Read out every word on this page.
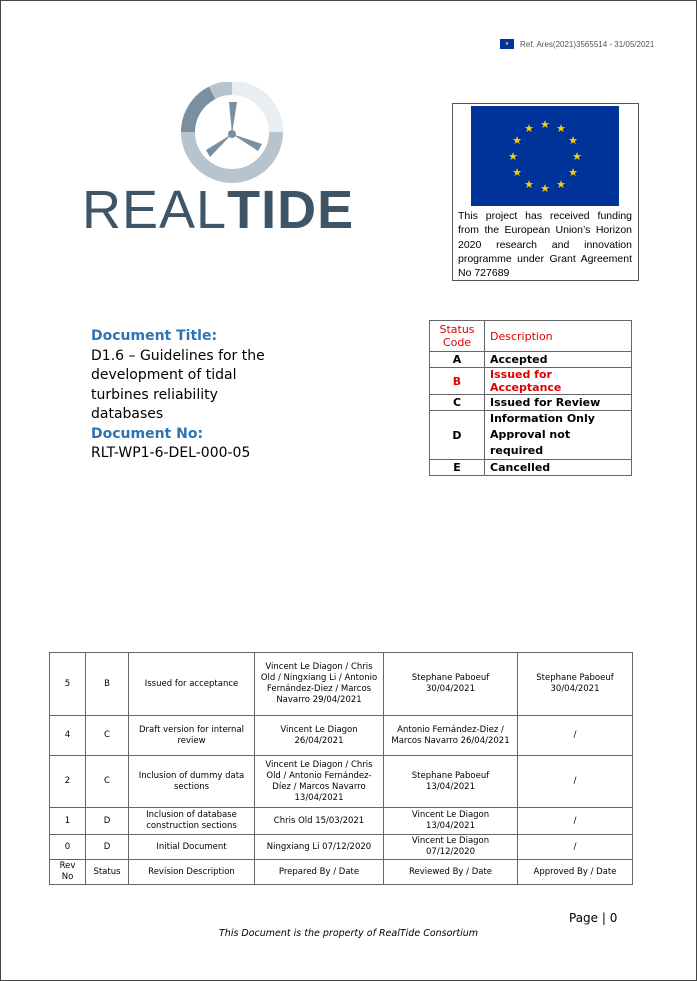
★	Ref. Ares(2021)3565514 - 31/05/2021
REALTIDE
★ ★
★
★
★
★
★
★
★
★
★
★
This project has received funding from the European Union’s Horizon 2020 research and innovation programme under Grant Agreement No 727689
Document Title:
D1.6 – Guidelines for the development of tidal turbines reliability databases
Document No:
RLT-WP1-6-DEL-000-05
Status Code	Description
A	Accepted
B	Issued for Acceptance
C	Issued for Review
D	Information Only Approval not required
E	Cancelled
5	B	Issued for acceptance	Vincent Le Diagon / Chris Old / Ningxiang Li / Antonio Fernández-Diez / Marcos Navarro 29/04/2021	Stephane Paboeuf 30/04/2021	Stephane Paboeuf 30/04/2021
4	C	Draft version for internal review	Vincent Le Diagon 26/04/2021	Antonio Fernández-Diez / Marcos Navarro 26/04/2021	/
2	C	Inclusion of dummy data sections	Vincent Le Diagon / Chris Old / Antonio Fernández-Díez / Marcos Navarro 13/04/2021	Stephane Paboeuf 13/04/2021	/
1	D	Inclusion of database construction sections	Chris Old 15/03/2021	Vincent Le Diagon 13/04/2021	/
0	D	Initial Document	Ningxiang Li 07/12/2020	Vincent Le Diagon 07/12/2020	/
Rev No	Status	Revision Description	Prepared By / Date	Reviewed By / Date	Approved By / Date
Page | 0
This Document is the property of RealTide Consortium
